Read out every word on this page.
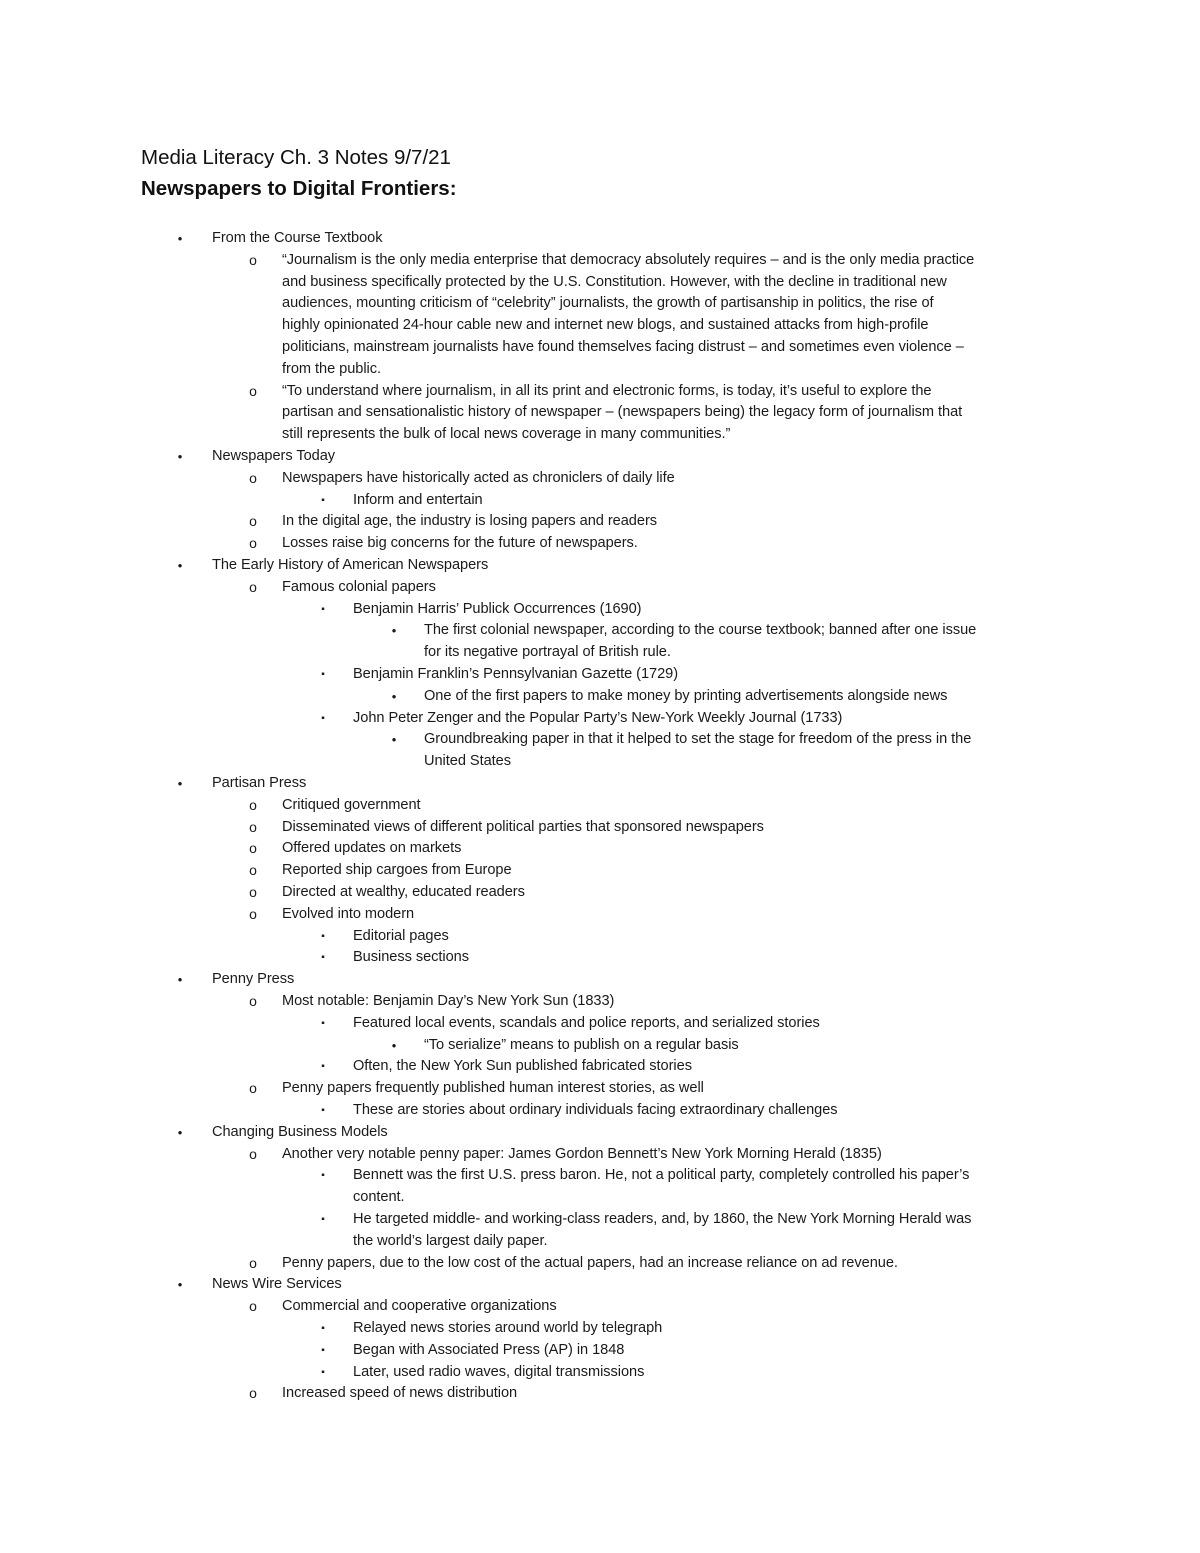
Media Literacy Ch. 3 Notes 9/7/21
Newspapers to Digital Frontiers:
•	From the Course Textbook
o “Journalism is the only media enterprise that democracy absolutely requires – and is the only media practice
and business specifically protected by the U.S. Constitution. However, with the decline in traditional new
audiences, mounting criticism of “celebrity” journalists, the growth of partisanship in politics, the rise of
highly opinionated 24-hour cable new and internet new blogs, and sustained attacks from high-profile
politicians, mainstream journalists have found themselves facing distrust – and sometimes even violence –
from the public.
o “To understand where journalism, in all its print and electronic forms, is today, it’s useful to explore the
partisan and sensationalistic history of newspaper – (newspapers being) the legacy form of journalism that
still represents the bulk of local news coverage in many communities.”
•	Newspapers Today
o Newspapers have historically acted as chroniclers of daily life
▪	Inform and entertain
o In the digital age, the industry is losing papers and readers
o Losses raise big concerns for the future of newspapers.
•	The Early History of American Newspapers
o Famous colonial papers
▪	Benjamin Harris’ Publick Occurrences (1690)
•	The first colonial newspaper, according to the course textbook; banned after one issue
for its negative portrayal of British rule.
▪	Benjamin Franklin’s Pennsylvanian Gazette (1729)
•	One of the first papers to make money by printing advertisements alongside news
▪	John Peter Zenger and the Popular Party’s New-York Weekly Journal (1733)
•	Groundbreaking paper in that it helped to set the stage for freedom of the press in the
United States
•	Partisan Press
o Critiqued government
o Disseminated views of different political parties that sponsored newspapers
o Offered updates on markets
o Reported ship cargoes from Europe
o Directed at wealthy, educated readers
o Evolved into modern
▪	Editorial pages
▪	Business sections
•	Penny Press
o Most notable: Benjamin Day’s New York Sun (1833)
▪	Featured local events, scandals and police reports, and serialized stories
•	“To serialize” means to publish on a regular basis
▪	Often, the New York Sun published fabricated stories
o Penny papers frequently published human interest stories, as well
▪	These are stories about ordinary individuals facing extraordinary challenges
•	Changing Business Models
o Another very notable penny paper: James Gordon Bennett’s New York Morning Herald (1835)
▪	Bennett was the first U.S. press baron. He, not a political party, completely controlled his paper’s
content.
▪	He targeted middle- and working-class readers, and, by 1860, the New York Morning Herald was
the world’s largest daily paper.
o Penny papers, due to the low cost of the actual papers, had an increase reliance on ad revenue.
•	News Wire Services
o Commercial and cooperative organizations
▪	Relayed news stories around world by telegraph
▪	Began with Associated Press (AP) in 1848
▪	Later, used radio waves, digital transmissions
o Increased speed of news distribution
